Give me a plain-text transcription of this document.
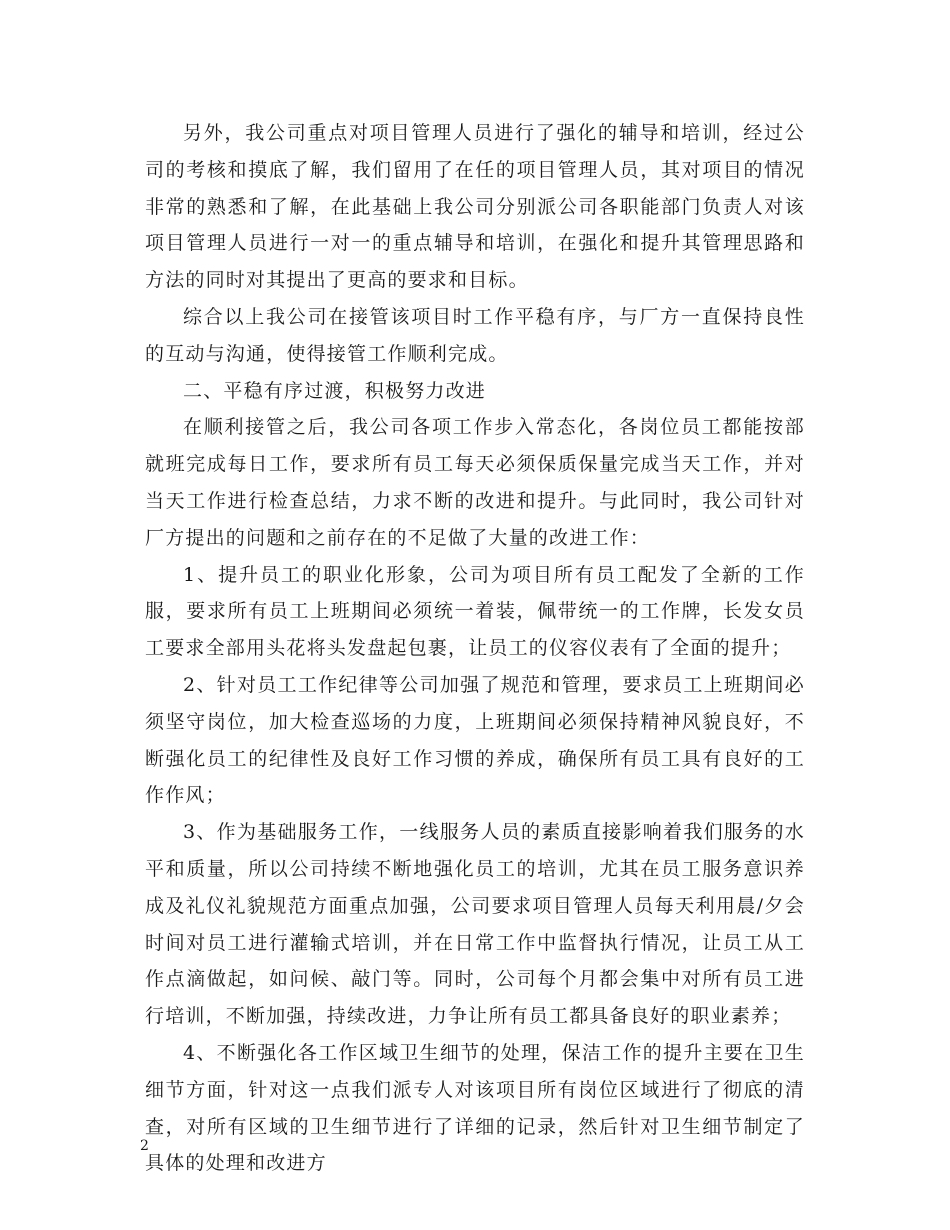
另外，我公司重点对项目管理人员进行了强化的辅导和培训，经过公司的考核和摸底了解，我们留用了在任的项目管理人员，其对项目的情况非常的熟悉和了解，在此基础上我公司分别派公司各职能部门负责人对该项目管理人员进行一对一的重点辅导和培训，在强化和提升其管理思路和方法的同时对其提出了更高的要求和目标。

综合以上我公司在接管该项目时工作平稳有序，与厂方一直保持良性的互动与沟通，使得接管工作顺利完成。

二、平稳有序过渡，积极努力改进

在顺利接管之后，我公司各项工作步入常态化，各岗位员工都能按部就班完成每日工作，要求所有员工每天必须保质保量完成当天工作，并对当天工作进行检查总结，力求不断的改进和提升。与此同时，我公司针对厂方提出的问题和之前存在的不足做了大量的改进工作：

1、提升员工的职业化形象，公司为项目所有员工配发了全新的工作服，要求所有员工上班期间必须统一着装，佩带统一的工作牌，长发女员工要求全部用头花将头发盘起包裹，让员工的仪容仪表有了全面的提升；

2、针对员工工作纪律等公司加强了规范和管理，要求员工上班期间必须坚守岗位，加大检查巡场的力度，上班期间必须保持精神风貌良好，不断强化员工的纪律性及良好工作习惯的养成，确保所有员工具有良好的工作作风；

3、作为基础服务工作，一线服务人员的素质直接影响着我们服务的水平和质量，所以公司持续不断地强化员工的培训，尤其在员工服务意识养成及礼仪礼貌规范方面重点加强，公司要求项目管理人员每天利用晨/夕会时间对员工进行灌输式培训，并在日常工作中监督执行情况，让员工从工作点滴做起，如问候、敲门等。同时，公司每个月都会集中对所有员工进行培训，不断加强，持续改进，力争让所有员工都具备良好的职业素养；

4、不断强化各工作区域卫生细节的处理，保洁工作的提升主要在卫生细节方面，针对这一点我们派专人对该项目所有岗位区域进行了彻底的清查，对所有区域的卫生细节进行了详细的记录，然后针对卫生细节制定了具体的处理和改进方

2
